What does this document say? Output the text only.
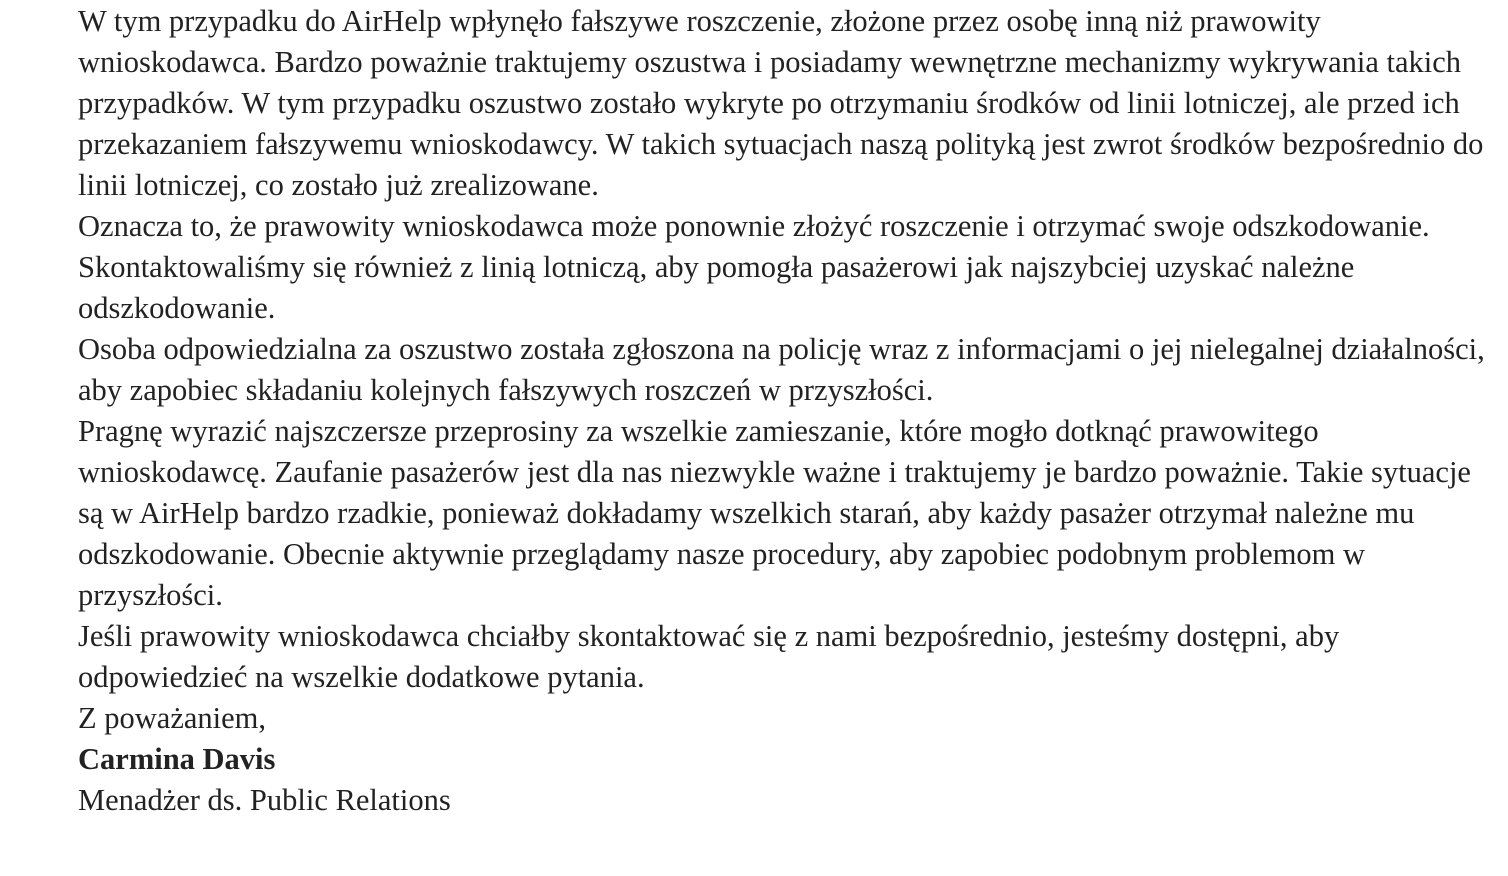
W tym przypadku do AirHelp wpłynęło fałszywe roszczenie, złożone przez osobę inną niż prawowity wnioskodawca. Bardzo poważnie traktujemy oszustwa i posiadamy wewnętrzne mechanizmy wykrywania takich przypadków. W tym przypadku oszustwo zostało wykryte po otrzymaniu środków od linii lotniczej, ale przed ich przekazaniem fałszywemu wnioskodawcy. W takich sytuacjach naszą polityką jest zwrot środków bezpośrednio do linii lotniczej, co zostało już zrealizowane.

Oznacza to, że prawowity wnioskodawca może ponownie złożyć roszczenie i otrzymać swoje odszkodowanie. Skontaktowaliśmy się również z linią lotniczą, aby pomogła pasażerowi jak najszybciej uzyskać należne odszkodowanie.

Osoba odpowiedzialna za oszustwo została zgłoszona na policję wraz z informacjami o jej nielegalnej działalności, aby zapobiec składaniu kolejnych fałszywych roszczeń w przyszłości.

Pragnę wyrazić najszczersze przeprosiny za wszelkie zamieszanie, które mogło dotknąć prawowitego wnioskodawcę. Zaufanie pasażerów jest dla nas niezwykle ważne i traktujemy je bardzo poważnie. Takie sytuacje są w AirHelp bardzo rzadkie, ponieważ dokładamy wszelkich starań, aby każdy pasażer otrzymał należne mu odszkodowanie. Obecnie aktywnie przeglądamy nasze procedury, aby zapobiec podobnym problemom w przyszłości.

Jeśli prawowity wnioskodawca chciałby skontaktować się z nami bezpośrednio, jesteśmy dostępni, aby odpowiedzieć na wszelkie dodatkowe pytania.

Z poważaniem,

Carmina Davis

Menadżer ds. Public Relations
